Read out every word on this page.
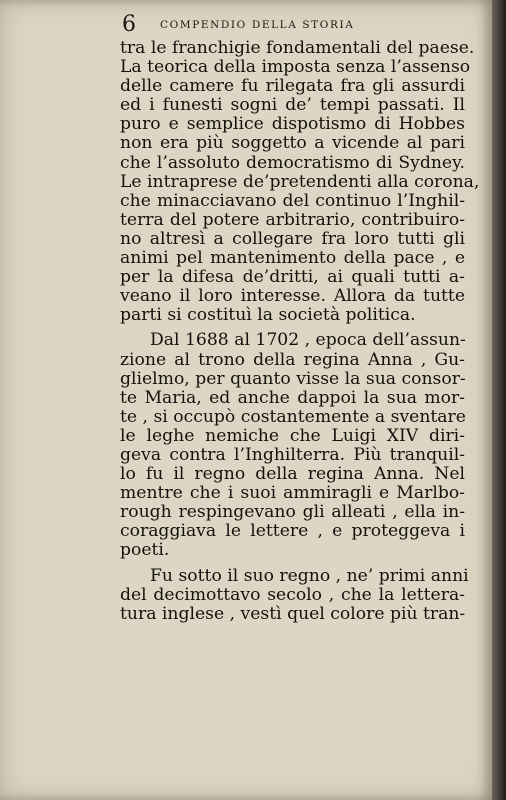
6 COMPENDIO DELLA STORIA
tra le franchigie fondamentali del paese.
La teorica della imposta senza l’assenso
delle camere fu rilegata fra gli assurdi
ed i funesti sogni de’ tempi passati. Il
puro e semplice dispotismo di Hobbes
non era più soggetto a vicende al pari
che l’assoluto democratismo di Sydney.
Le intraprese de’pretendenti alla corona,
che minacciavano del continuo l’Inghil-
terra del potere arbitrario, contribuiro-
no altresì a collegare fra loro tutti gli
animi pel mantenimento della pace , e
per la difesa de’dritti, ai quali tutti a-
veano il loro interesse. Allora da tutte
parti si costituì la società politica.
Dal 1688 al 1702 , epoca dell’assun-
zione al trono della regina Anna , Gu-
glielmo, per quanto visse la sua consor-
te Maria, ed anche dappoi la sua mor-
te , si occupò costantemente a sventare
le leghe nemiche che Luigi XIV diri-
geva contra l’Inghilterra. Più tranquil-
lo fu il regno della regina Anna. Nel
mentre che i suoi ammiragli e Marlbo-
rough respingevano gli alleati , ella in-
coraggiava le lettere , e proteggeva i
poeti.
Fu sotto il suo regno , ne’ primi anni
del decimottavo secolo , che la lettera-
tura inglese , vestì quel colore più tran-
